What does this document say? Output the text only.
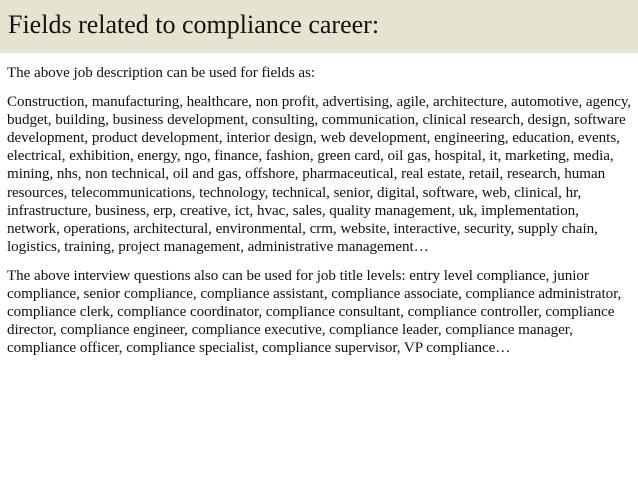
Fields related to compliance career:

The above job description can be used for fields as:

Construction, manufacturing, healthcare, non profit, advertising, agile, architecture, automotive, agency, budget, building, business development, consulting, communication, clinical research, design, software development, product development, interior design, web development, engineering, education, events, electrical, exhibition, energy, ngo, finance, fashion, green card, oil gas, hospital, it, marketing, media, mining, nhs, non technical, oil and gas, offshore, pharmaceutical, real estate, retail, research, human resources, telecommunications, technology, technical, senior, digital, software, web, clinical, hr, infrastructure, business, erp, creative, ict, hvac, sales, quality management, uk, implementation, network, operations, architectural, environmental, crm, website, interactive, security, supply chain, logistics, training, project management, administrative management…

The above interview questions also can be used for job title levels: entry level compliance, junior compliance, senior compliance, compliance assistant, compliance associate, compliance administrator, compliance clerk, compliance coordinator, compliance consultant, compliance controller, compliance director, compliance engineer, compliance executive, compliance leader, compliance manager, compliance officer, compliance specialist, compliance supervisor, VP compliance…
